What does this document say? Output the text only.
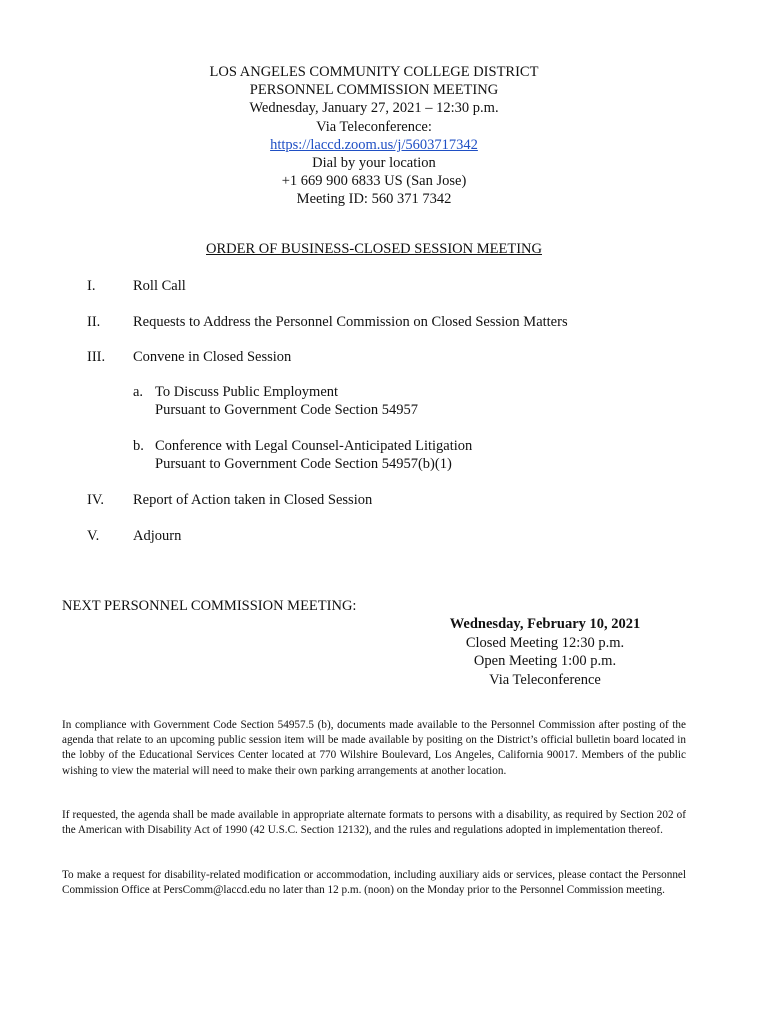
LOS ANGELES COMMUNITY COLLEGE DISTRICT
PERSONNEL COMMISSION MEETING
Wednesday, January 27, 2021 – 12:30 p.m.
Via Teleconference:
https://laccd.zoom.us/j/5603717342
Dial by your location
+1 669 900 6833 US (San Jose)
Meeting ID: 560 371 7342
ORDER OF BUSINESS-CLOSED SESSION MEETING
I.	Roll Call
II. Requests to Address the Personnel Commission on Closed Session Matters
III. Convene in Closed Session
a. To Discuss Public Employment
Pursuant to Government Code Section 54957
b. Conference with Legal Counsel-Anticipated Litigation
Pursuant to Government Code Section 54957(b)(1)
IV. Report of Action taken in Closed Session
V. Adjourn
NEXT PERSONNEL COMMISSION MEETING:
Wednesday, February 10, 2021
Closed Meeting 12:30 p.m.
Open Meeting 1:00 p.m.
Via Teleconference
In compliance with Government Code Section 54957.5 (b), documents made available to the Personnel Commission after posting of the agenda that relate to an upcoming public session item will be made available by positing on the District’s official bulletin board located in the lobby of the Educational Services Center located at 770 Wilshire Boulevard, Los Angeles, California 90017. Members of the public wishing to view the material will need to make their own parking arrangements at another location.
If requested, the agenda shall be made available in appropriate alternate formats to persons with a disability, as required by Section 202 of the American with Disability Act of 1990 (42 U.S.C. Section 12132), and the rules and regulations adopted in implementation thereof.
To make a request for disability-related modification or accommodation, including auxiliary aids or services, please contact the Personnel Commission Office at PersComm@laccd.edu no later than 12 p.m. (noon) on the Monday prior to the Personnel Commission meeting.
